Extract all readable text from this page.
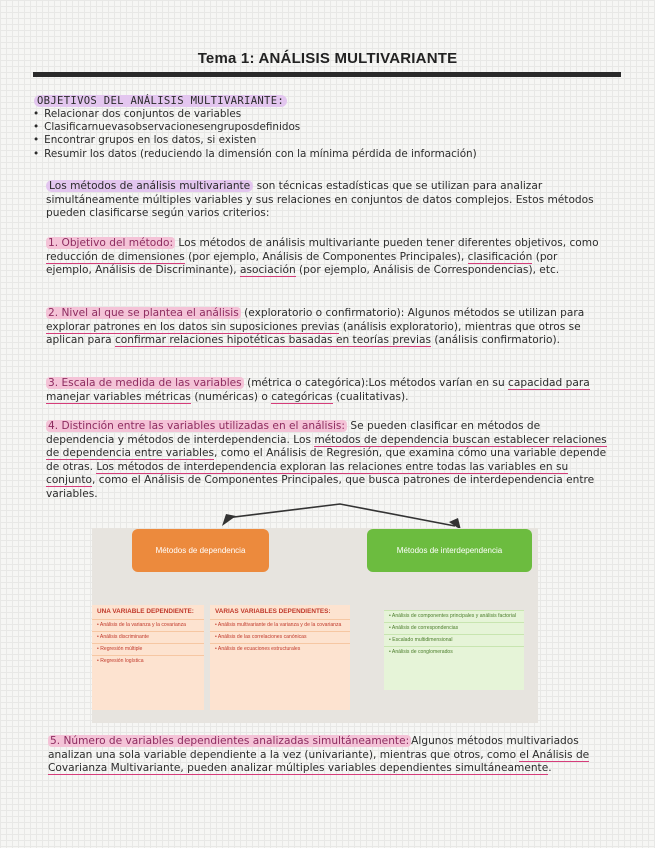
Tema 1: ANÁLISIS MULTIVARIANTE
OBJETIVOS DEL ANÁLISIS MULTIVARIANTE:
• Relacionar dos conjuntos de variables
• Clasificarnuevasobservacionesengruposdefinidos
• Encontrar grupos en los datos, si existen
• Resumir los datos (reduciendo la dimensión con la mínima pérdida de información)
Los métodos de análisis multivariante son técnicas estadísticas que se utilizan para analizar simultáneamente múltiples variables y sus relaciones en conjuntos de datos complejos. Estos métodos pueden clasificarse según varios criterios:
1. Objetivo del método: Los métodos de análisis multivariante pueden tener diferentes objetivos, como reducción de dimensiones (por ejemplo, Análisis de Componentes Principales), clasificación (por ejemplo, Análisis de Discriminante), asociación (por ejemplo, Análisis de Correspondencias), etc.
2. Nivel al que se plantea el análisis (exploratorio o confirmatorio): Algunos métodos se utilizan para explorar patrones en los datos sin suposiciones previas (análisis exploratorio), mientras que otros se aplican para confirmar relaciones hipotéticas basadas en teorías previas (análisis confirmatorio).
3. Escala de medida de las variables (métrica o categórica):Los métodos varían en su capacidad para manejar variables métricas (numéricas) o categóricas (cualitativas).
4. Distinción entre las variables utilizadas en el análisis: Se pueden clasificar en métodos de dependencia y métodos de interdependencia. Los métodos de dependencia buscan establecer relaciones de dependencia entre variables, como el Análisis de Regresión, que examina cómo una variable depende de otras. Los métodos de interdependencia exploran las relaciones entre todas las variables en su conjunto, como el Análisis de Componentes Principales, que busca patrones de interdependencia entre variables.
Métodos de dependencia	Métodos de interdependencia
UNA VARIABLE DEPENDIENTE:
• Análisis de la varianza y la covarianza
• Análisis discriminante
• Regresión múltiple
• Regresión logística
VARIAS VARIABLES DEPENDIENTES:
• Análisis multivariante de la varianza y de la covarianza
• Análisis de las correlaciones canónicas
• Análisis de ecuaciones estructurales
• Análisis de componentes principales y análisis factorial
• Análisis de correspondencias
• Escalado multidimensional
• Análisis de conglomerados
5. Número de variables dependientes analizadas simultáneamente: Algunos métodos multivariados analizan una sola variable dependiente a la vez (univariante), mientras que otros, como el Análisis de Covarianza Multivariante, pueden analizar múltiples variables dependientes simultáneamente.
